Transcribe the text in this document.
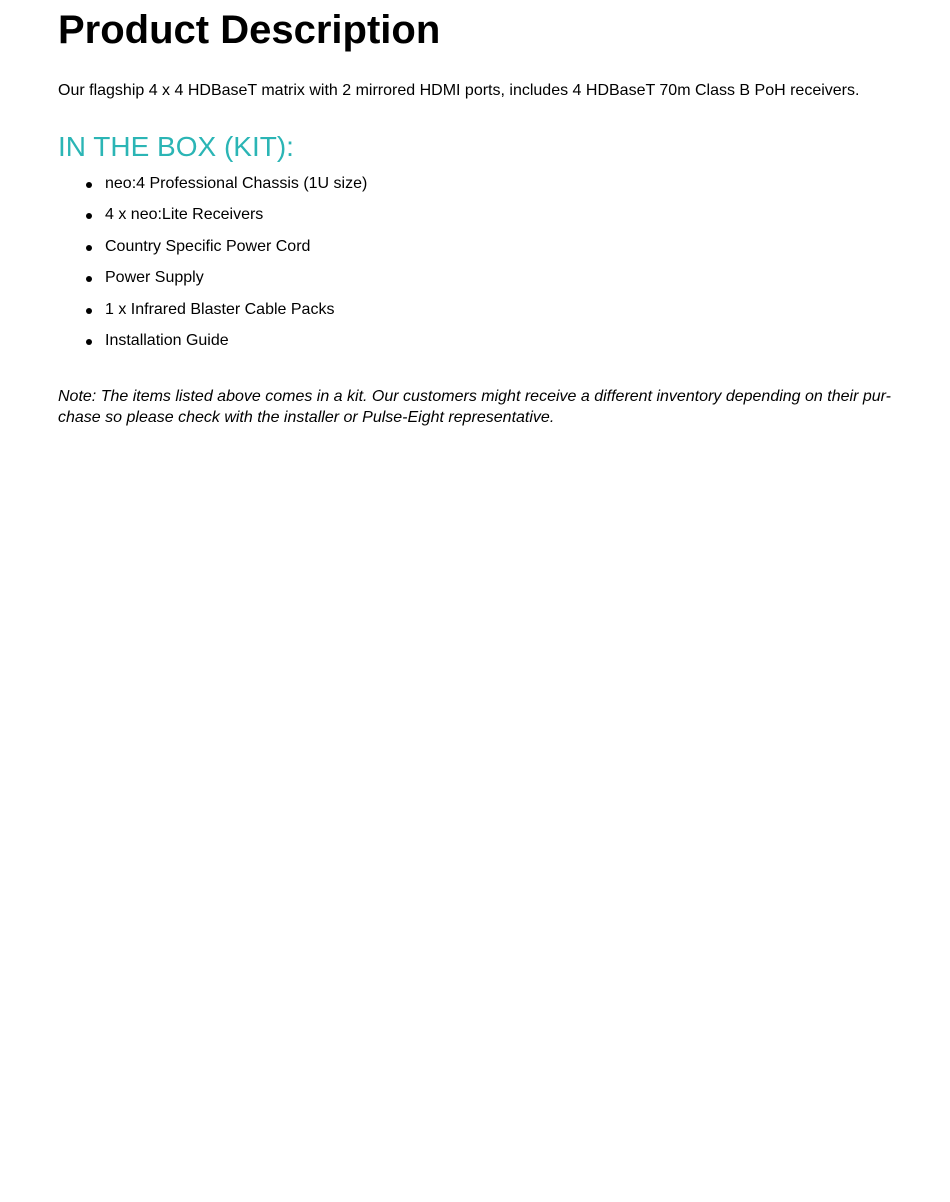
Product Description

Our flagship 4 x 4 HDBaseT matrix with 2 mirrored HDMI ports, includes 4 HDBaseT 70m Class B PoH receivers.

IN THE BOX (KIT):
neo:4 Professional Chassis (1U size)
4 x neo:Lite Receivers
Country Specific Power Cord
Power Supply
1 x Infrared Blaster Cable Packs
Installation Guide

Note: The items listed above comes in a kit. Our customers might receive a different inventory depending on their pur-chase so please check with the installer or Pulse-Eight representative.
